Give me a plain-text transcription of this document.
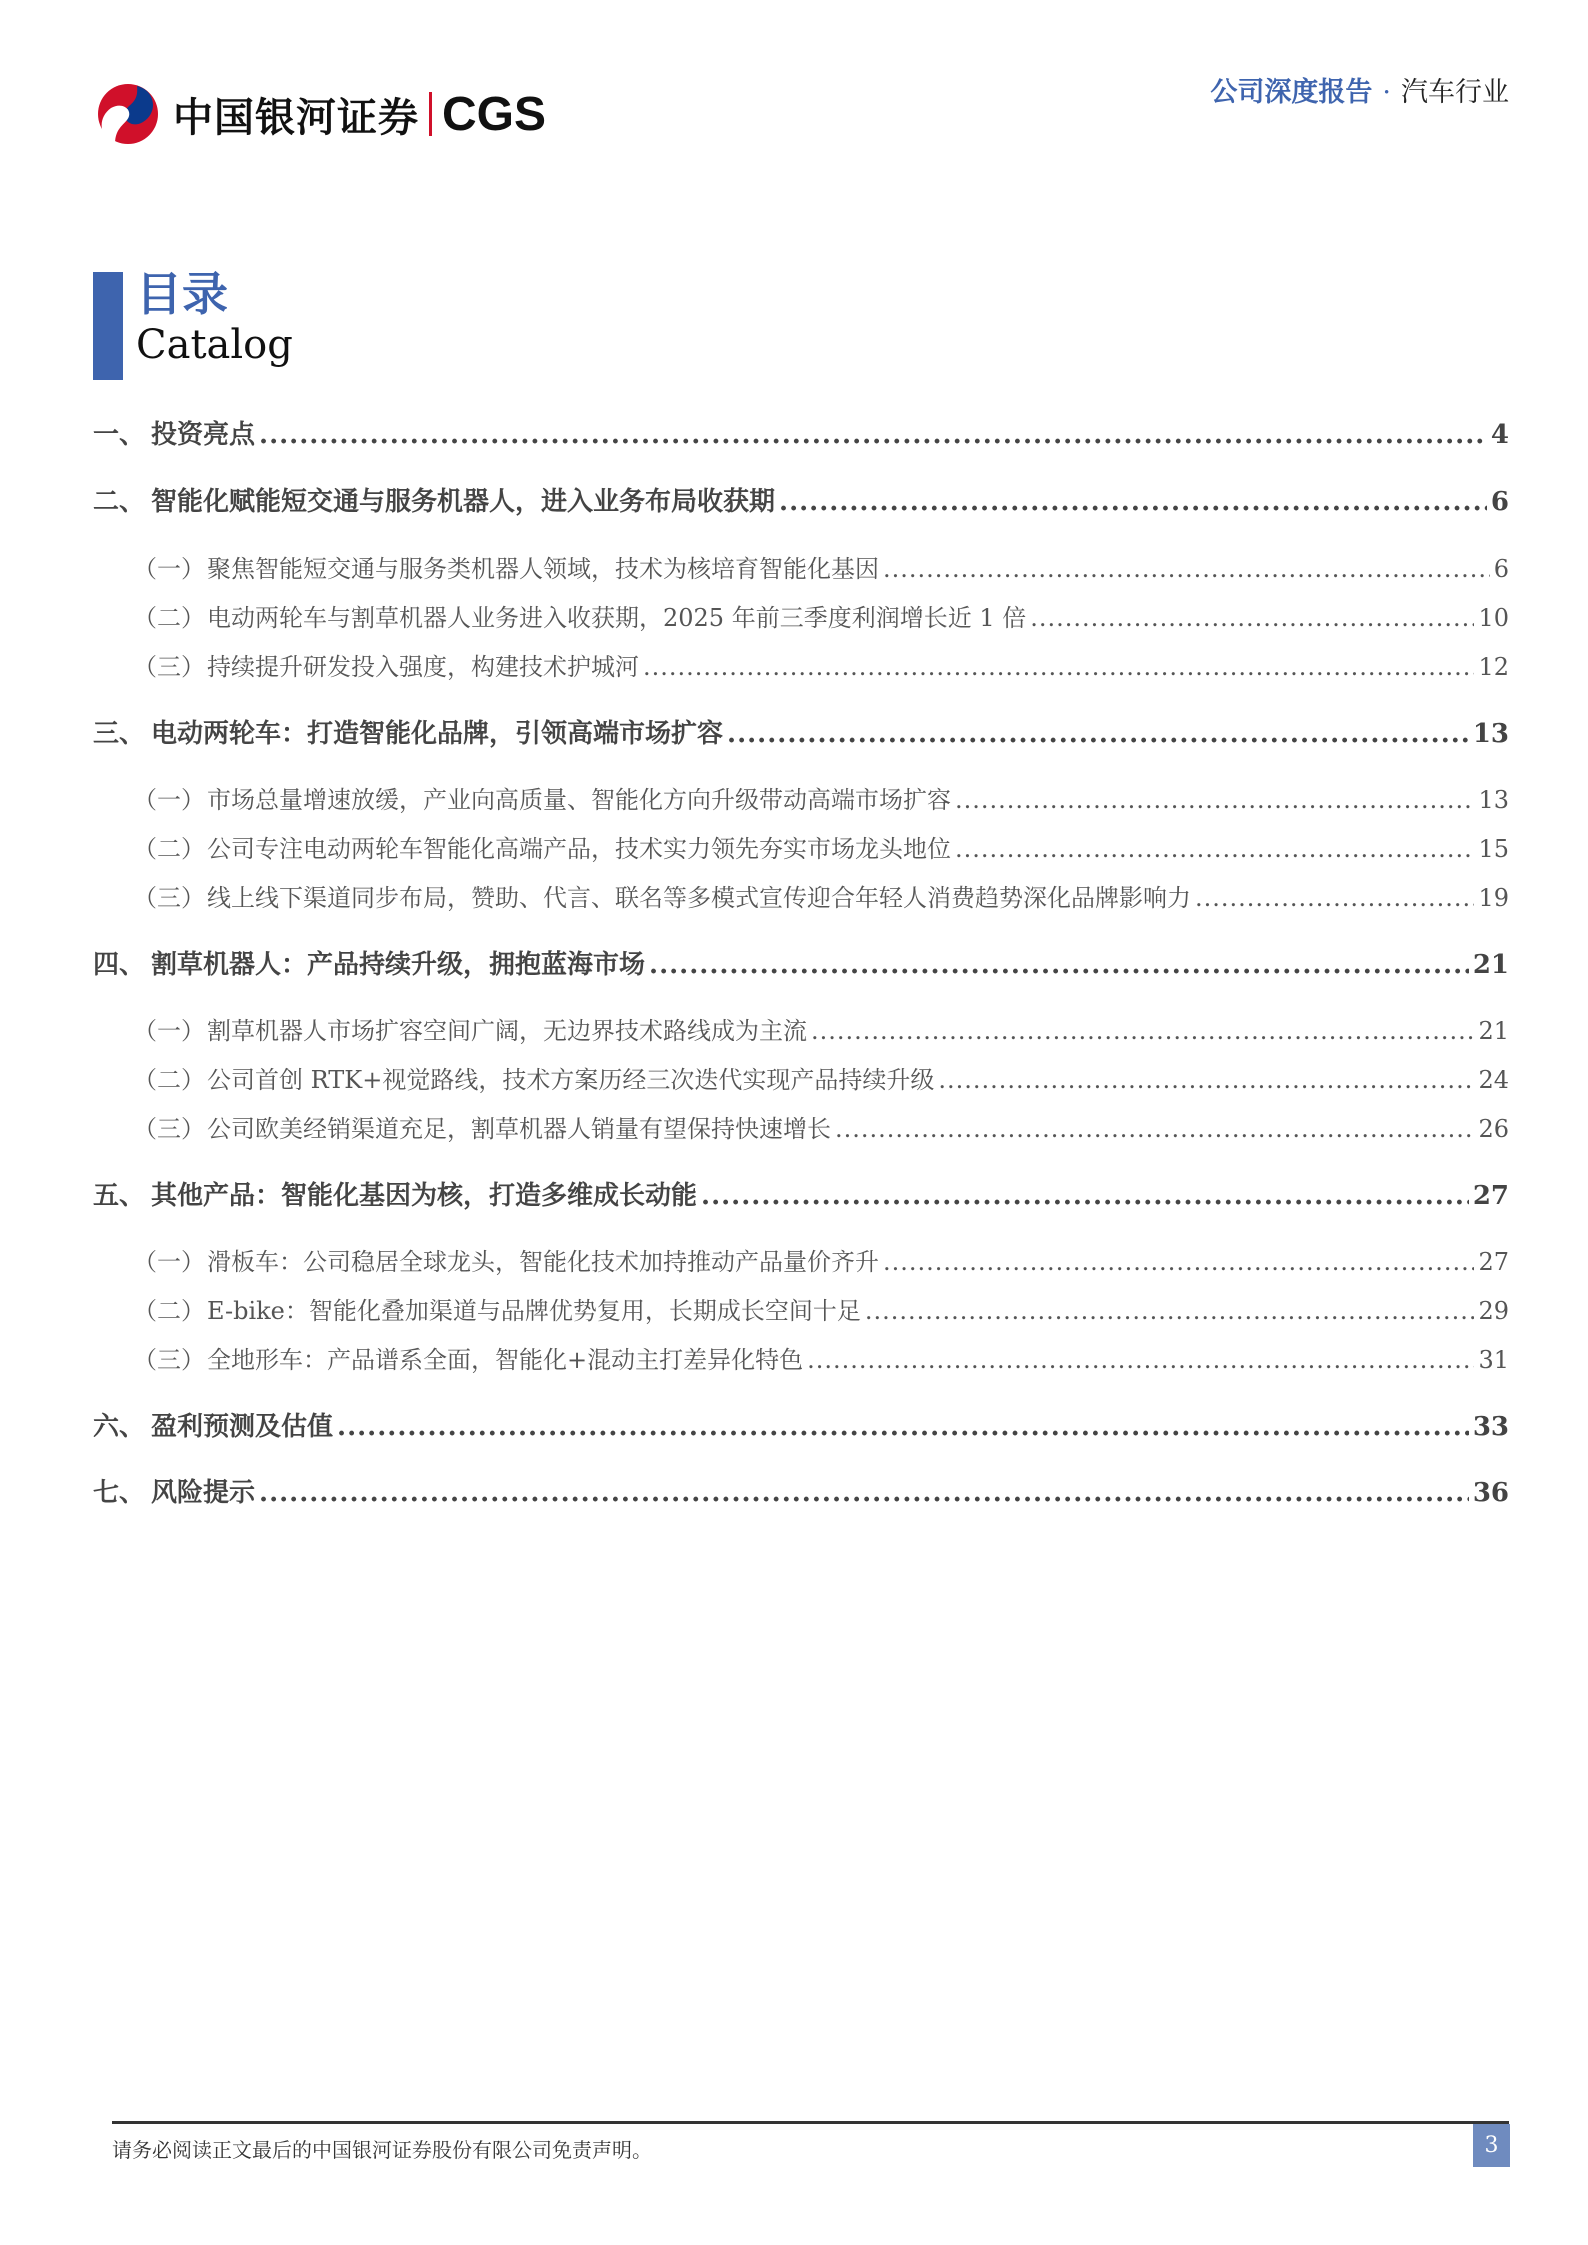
中国银河证券 CGS	公司深度报告 · 汽车行业
目录
Catalog
一、 投资亮点 .....	4
二、 智能化赋能短交通与服务机器人，进入业务布局收获期 .....	6
（一） 聚焦智能短交通与服务类机器人领域，技术为核培育智能化基因 .....	6
（二） 电动两轮车与割草机器人业务进入收获期，2025 年前三季度利润增长近 1 倍 .....	10
（三） 持续提升研发投入强度，构建技术护城河 .....	12
三、 电动两轮车：打造智能化品牌，引领高端市场扩容 .....	13
（一） 市场总量增速放缓，产业向高质量、智能化方向升级带动高端市场扩容 .....	13
（二） 公司专注电动两轮车智能化高端产品，技术实力领先夯实市场龙头地位 .....	15
（三） 线上线下渠道同步布局，赞助、代言、联名等多模式宣传迎合年轻人消费趋势深化品牌影响力 .....	19
四、 割草机器人：产品持续升级，拥抱蓝海市场 .....	21
（一） 割草机器人市场扩容空间广阔，无边界技术路线成为主流 .....	21
（二） 公司首创 RTK+视觉路线，技术方案历经三次迭代实现产品持续升级 .....	24
（三） 公司欧美经销渠道充足，割草机器人销量有望保持快速增长 .....	26
五、 其他产品：智能化基因为核，打造多维成长动能 .....	27
（一） 滑板车：公司稳居全球龙头，智能化技术加持推动产品量价齐升 .....	27
（二） E-bike：智能化叠加渠道与品牌优势复用，长期成长空间十足 .....	29
（三） 全地形车：产品谱系全面，智能化+混动主打差异化特色 .....	31
六、 盈利预测及估值 .....	33
七、 风险提示 .....	36
请务必阅读正文最后的中国银河证券股份有限公司免责声明。	3
